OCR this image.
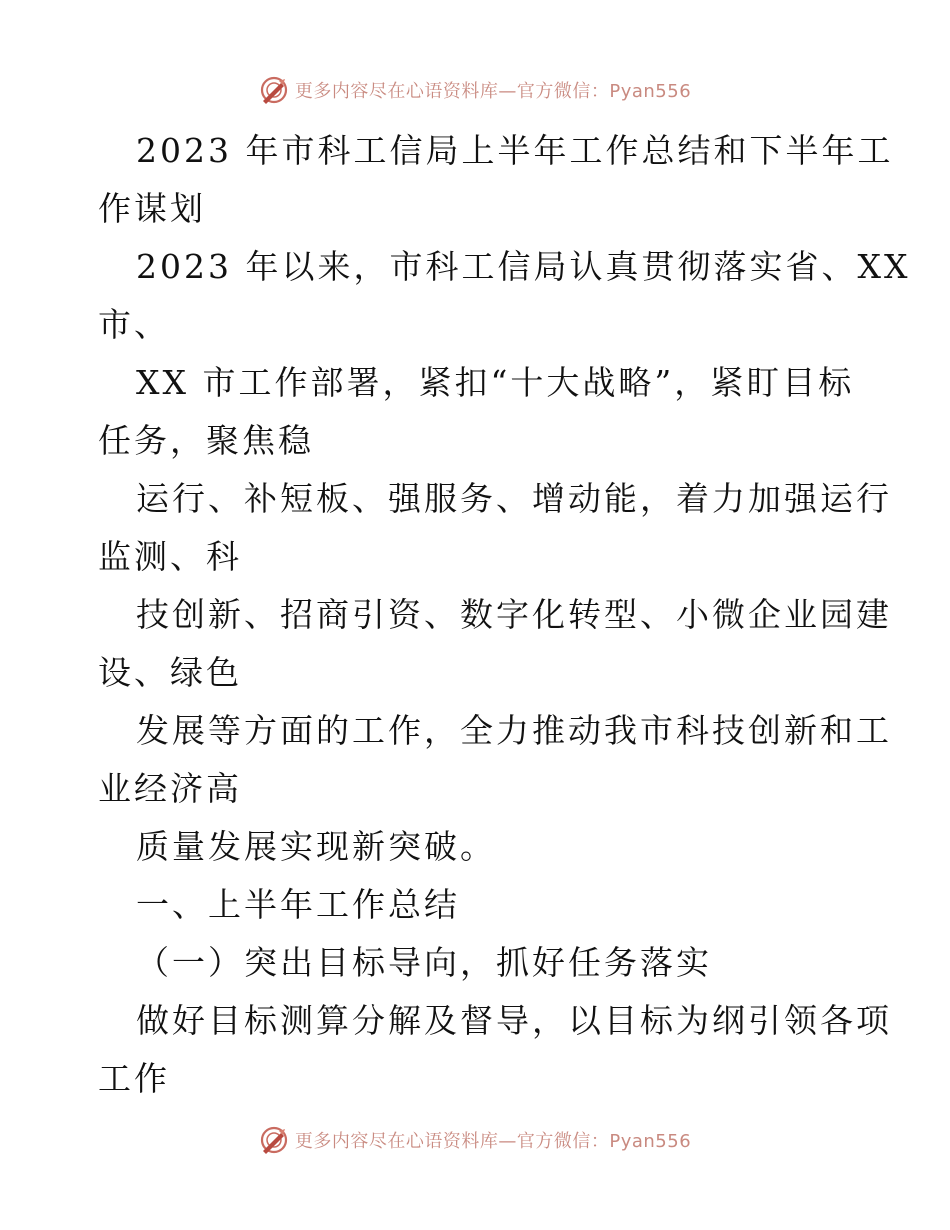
更多内容尽在心语资料库—官方微信：Pyan556
2023 年市科工信局上半年工作总结和下半年工
作谋划
2023 年以来，市科工信局认真贯彻落实省、XX
市、
XX 市工作部署，紧扣“十大战略”，紧盯目标
任务，聚焦稳
运行、补短板、强服务、增动能，着力加强运行
监测、科
技创新、招商引资、数字化转型、小微企业园建
设、绿色
发展等方面的工作，全力推动我市科技创新和工
业经济高
质量发展实现新突破。
一、上半年工作总结
（一）突出目标导向，抓好任务落实
做好目标测算分解及督导，以目标为纲引领各项
工作
更多内容尽在心语资料库—官方微信：Pyan556
